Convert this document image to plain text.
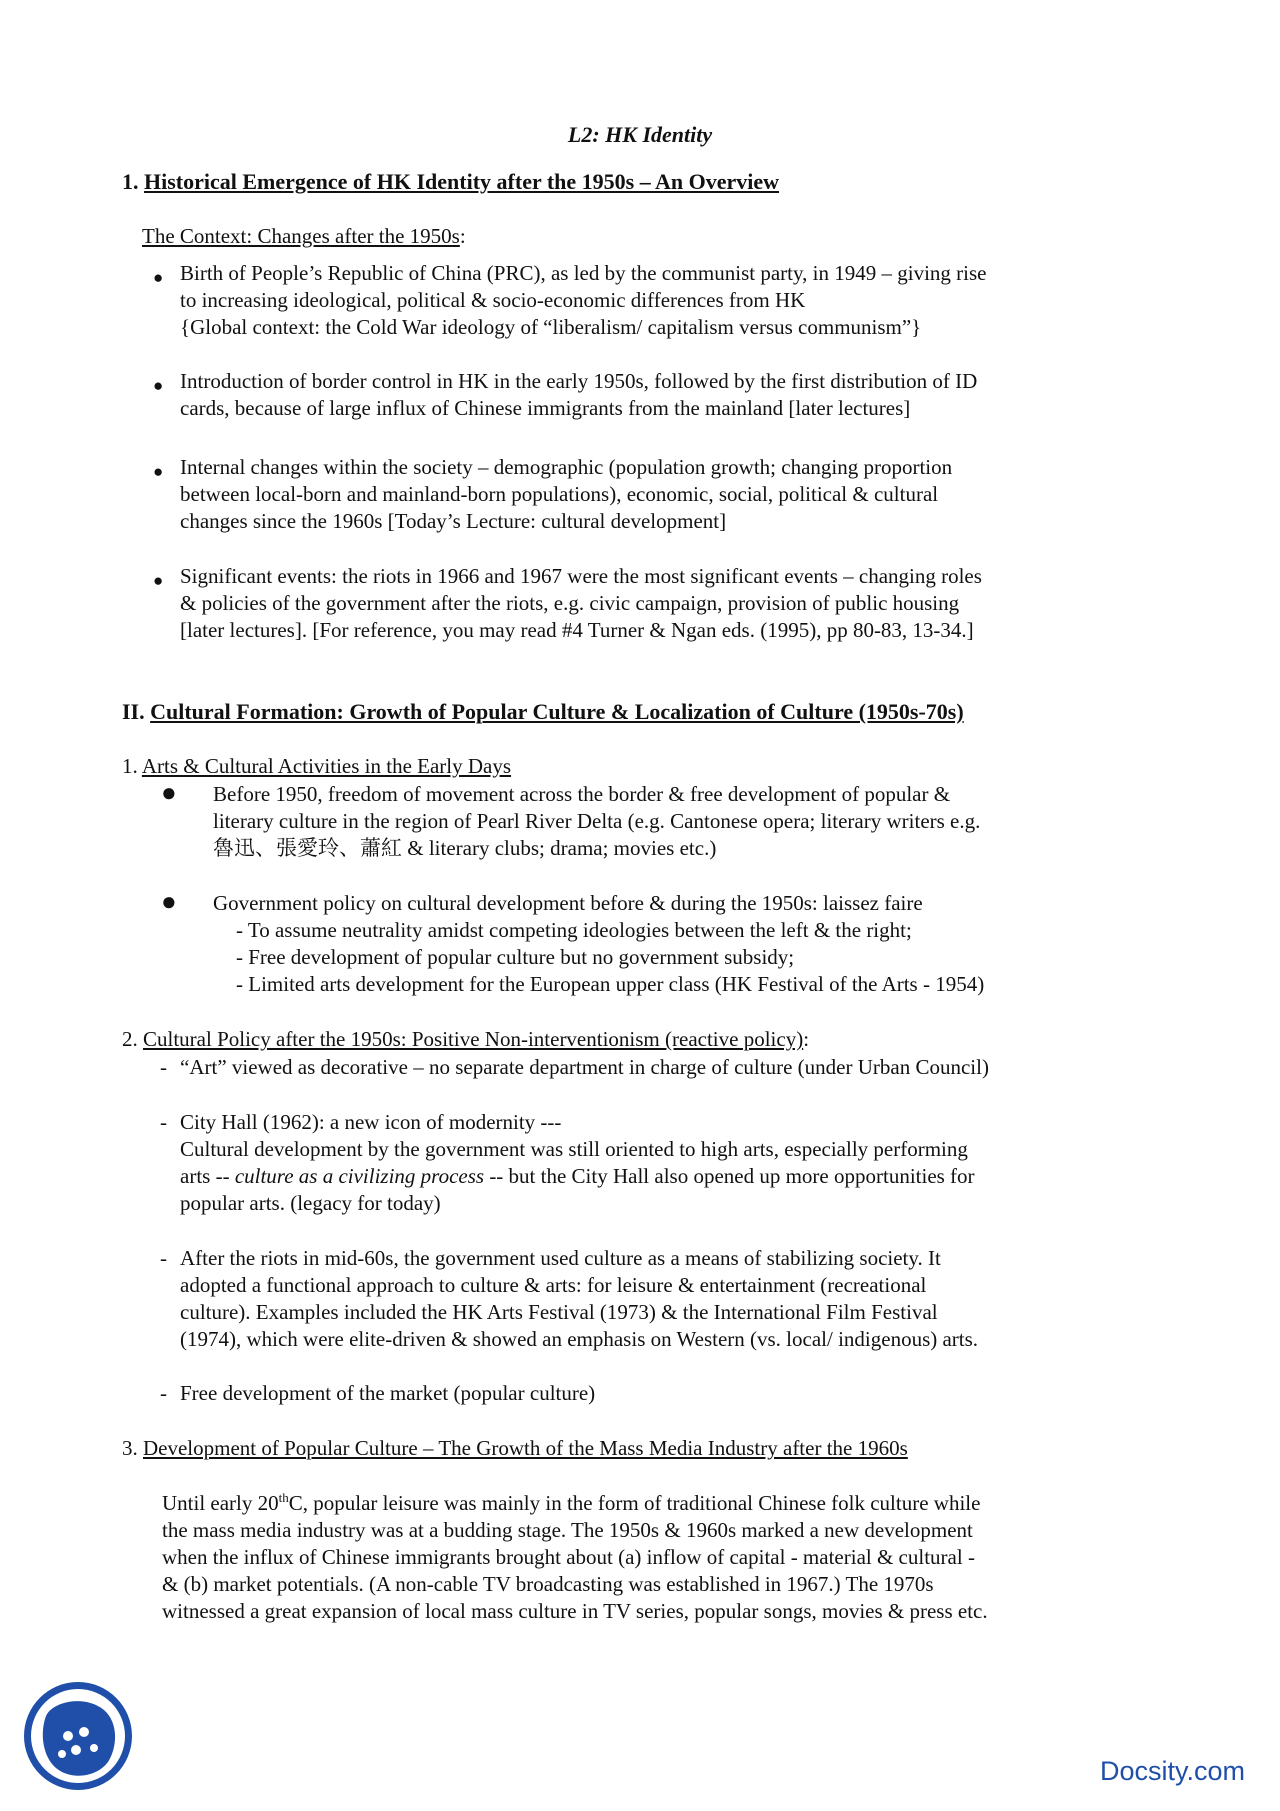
L2: HK Identity
1. Historical Emergence of HK Identity after the 1950s – An Overview
The Context: Changes after the 1950s:
● Birth of People’s Republic of China (PRC), as led by the communist party, in 1949 – giving rise
to increasing ideological, political & socio-economic differences from HK
{Global context: the Cold War ideology of “liberalism/ capitalism versus communism”}
● Introduction of border control in HK in the early 1950s, followed by the first distribution of ID
cards, because of large influx of Chinese immigrants from the mainland [later lectures]
● Internal changes within the society – demographic (population growth; changing proportion
between local-born and mainland-born populations), economic, social, political & cultural
changes since the 1960s [Today’s Lecture: cultural development]
● Significant events: the riots in 1966 and 1967 were the most significant events – changing roles
& policies of the government after the riots, e.g. civic campaign, provision of public housing
[later lectures]. [For reference, you may read #4 Turner & Ngan eds. (1995), pp 80-83, 13-34.]
II. Cultural Formation: Growth of Popular Culture & Localization of Culture (1950s-70s)
1. Arts & Cultural Activities in the Early Days
● Before 1950, freedom of movement across the border & free development of popular &
literary culture in the region of Pearl River Delta (e.g. Cantonese opera; literary writers e.g.
魯迅、張愛玲、蕭紅 & literary clubs; drama; movies etc.)
● Government policy on cultural development before & during the 1950s: laissez faire
- To assume neutrality amidst competing ideologies between the left & the right;
- Free development of popular culture but no government subsidy;
- Limited arts development for the European upper class (HK Festival of the Arts - 1954)
2. Cultural Policy after the 1950s: Positive Non-interventionism (reactive policy):
- “Art” viewed as decorative – no separate department in charge of culture (under Urban Council)
- City Hall (1962): a new icon of modernity ---
Cultural development by the government was still oriented to high arts, especially performing
arts -- culture as a civilizing process -- but the City Hall also opened up more opportunities for
popular arts. (legacy for today)
- After the riots in mid-60s, the government used culture as a means of stabilizing society. It
adopted a functional approach to culture & arts: for leisure & entertainment (recreational
culture). Examples included the HK Arts Festival (1973) & the International Film Festival
(1974), which were elite-driven & showed an emphasis on Western (vs. local/ indigenous) arts.
- Free development of the market (popular culture)
3. Development of Popular Culture – The Growth of the Mass Media Industry after the 1960s
Until early 20thC, popular leisure was mainly in the form of traditional Chinese folk culture while
the mass media industry was at a budding stage. The 1950s & 1960s marked a new development
when the influx of Chinese immigrants brought about (a) inflow of capital - material & cultural -
& (b) market potentials. (A non-cable TV broadcasting was established in 1967.) The 1970s
witnessed a great expansion of local mass culture in TV series, popular songs, movies & press etc.
Docsity.com
